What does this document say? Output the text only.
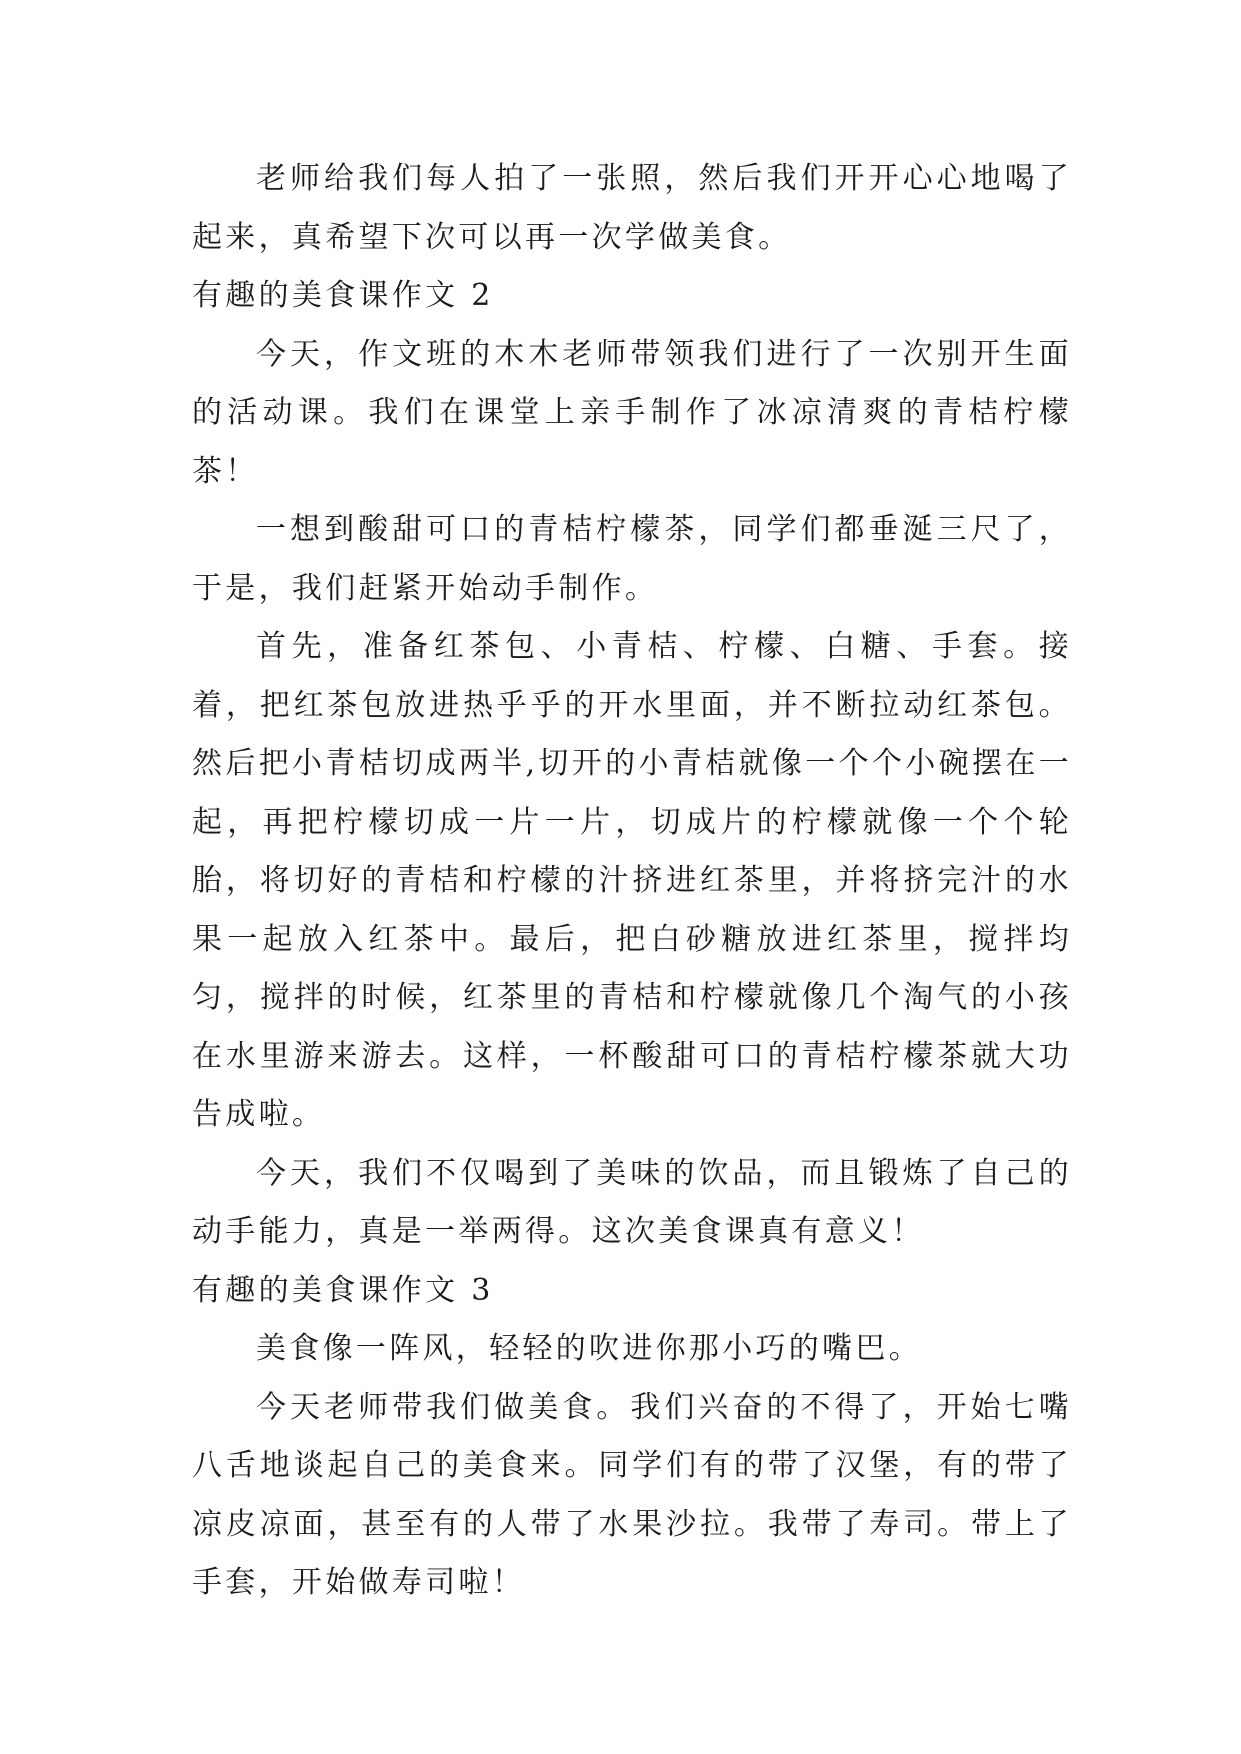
老师给我们每人拍了一张照，然后我们开开心心地喝了起来，真希望下次可以再一次学做美食。

有趣的美食课作文 2

今天，作文班的木木老师带领我们进行了一次别开生面的活动课。我们在课堂上亲手制作了冰凉清爽的青桔柠檬茶！

一想到酸甜可口的青桔柠檬茶，同学们都垂涎三尺了，于是，我们赶紧开始动手制作。

首先，准备红茶包、小青桔、柠檬、白糖、手套。接着，把红茶包放进热乎乎的开水里面，并不断拉动红茶包。然后把小青桔切成两半,切开的小青桔就像一个个小碗摆在一起，再把柠檬切成一片一片，切成片的柠檬就像一个个轮胎，将切好的青桔和柠檬的汁挤进红茶里，并将挤完汁的水果一起放入红茶中。最后，把白砂糖放进红茶里，搅拌均匀，搅拌的时候，红茶里的青桔和柠檬就像几个淘气的小孩在水里游来游去。这样，一杯酸甜可口的青桔柠檬茶就大功告成啦。

今天，我们不仅喝到了美味的饮品，而且锻炼了自己的动手能力，真是一举两得。这次美食课真有意义！

有趣的美食课作文 3

美食像一阵风，轻轻的吹进你那小巧的嘴巴。

今天老师带我们做美食。我们兴奋的不得了，开始七嘴八舌地谈起自己的美食来。同学们有的带了汉堡，有的带了凉皮凉面，甚至有的人带了水果沙拉。我带了寿司。带上了手套，开始做寿司啦！
